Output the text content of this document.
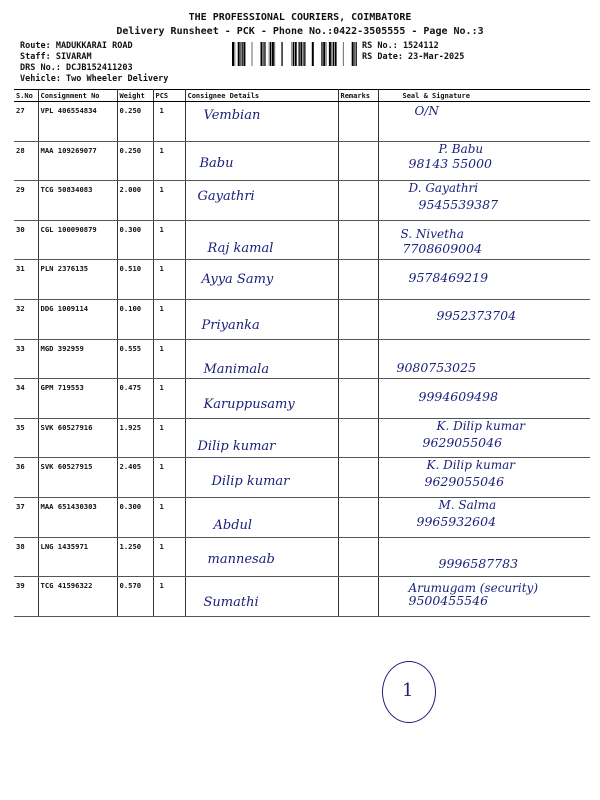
THE PROFESSIONAL COURIERS, COIMBATORE
Delivery Runsheet - PCK - Phone No.:0422-3505555 - Page No.:3
Route: MADUKKARAI ROAD
Staff: SIVARAM
DRS No.: DCJB152411203
Vehicle: Two Wheeler Delivery
RS No.: 1524112
RS Date: 23-Mar-2025
S.No	Consignment No	Weight	PCS	Consignee Details	Remarks	Seal & Signature
27	VPL 406554834	0.250	1	Vembian		O/N

28	MAA 109269077	0.250	1	Babu		P. Babu
98143 55000

29	TCG 50834083	2.000	1	Gayathri		D. Gayathri
9545539387

30	CGL 100090879	0.300	1	Raj kamal		S. Nivetha
7708609004

31	PLN 2376135	0.510	1	Ayya Samy		9578469219

32	DDG 1009114	0.100	1	Priyanka		9952373704

33	MGD 392959	0.555	1	Manimala		9080753025

34	GPM 719553	0.475	1	Karuppusamy		9994609498

35	SVK 60527916	1.925	1	Dilip kumar		K. Dilip kumar
9629055046

36	SVK 60527915	2.405	1	Dilip kumar		K. Dilip kumar
9629055046

37	MAA 651430303	0.300	1	Abdul		M. Salma
9965932604

38	LNG 1435971	1.250	1	mannesab		9996587783

39	TCG 41596322	0.570	1	Sumathi		Arumugam (security)
9500455546
1
